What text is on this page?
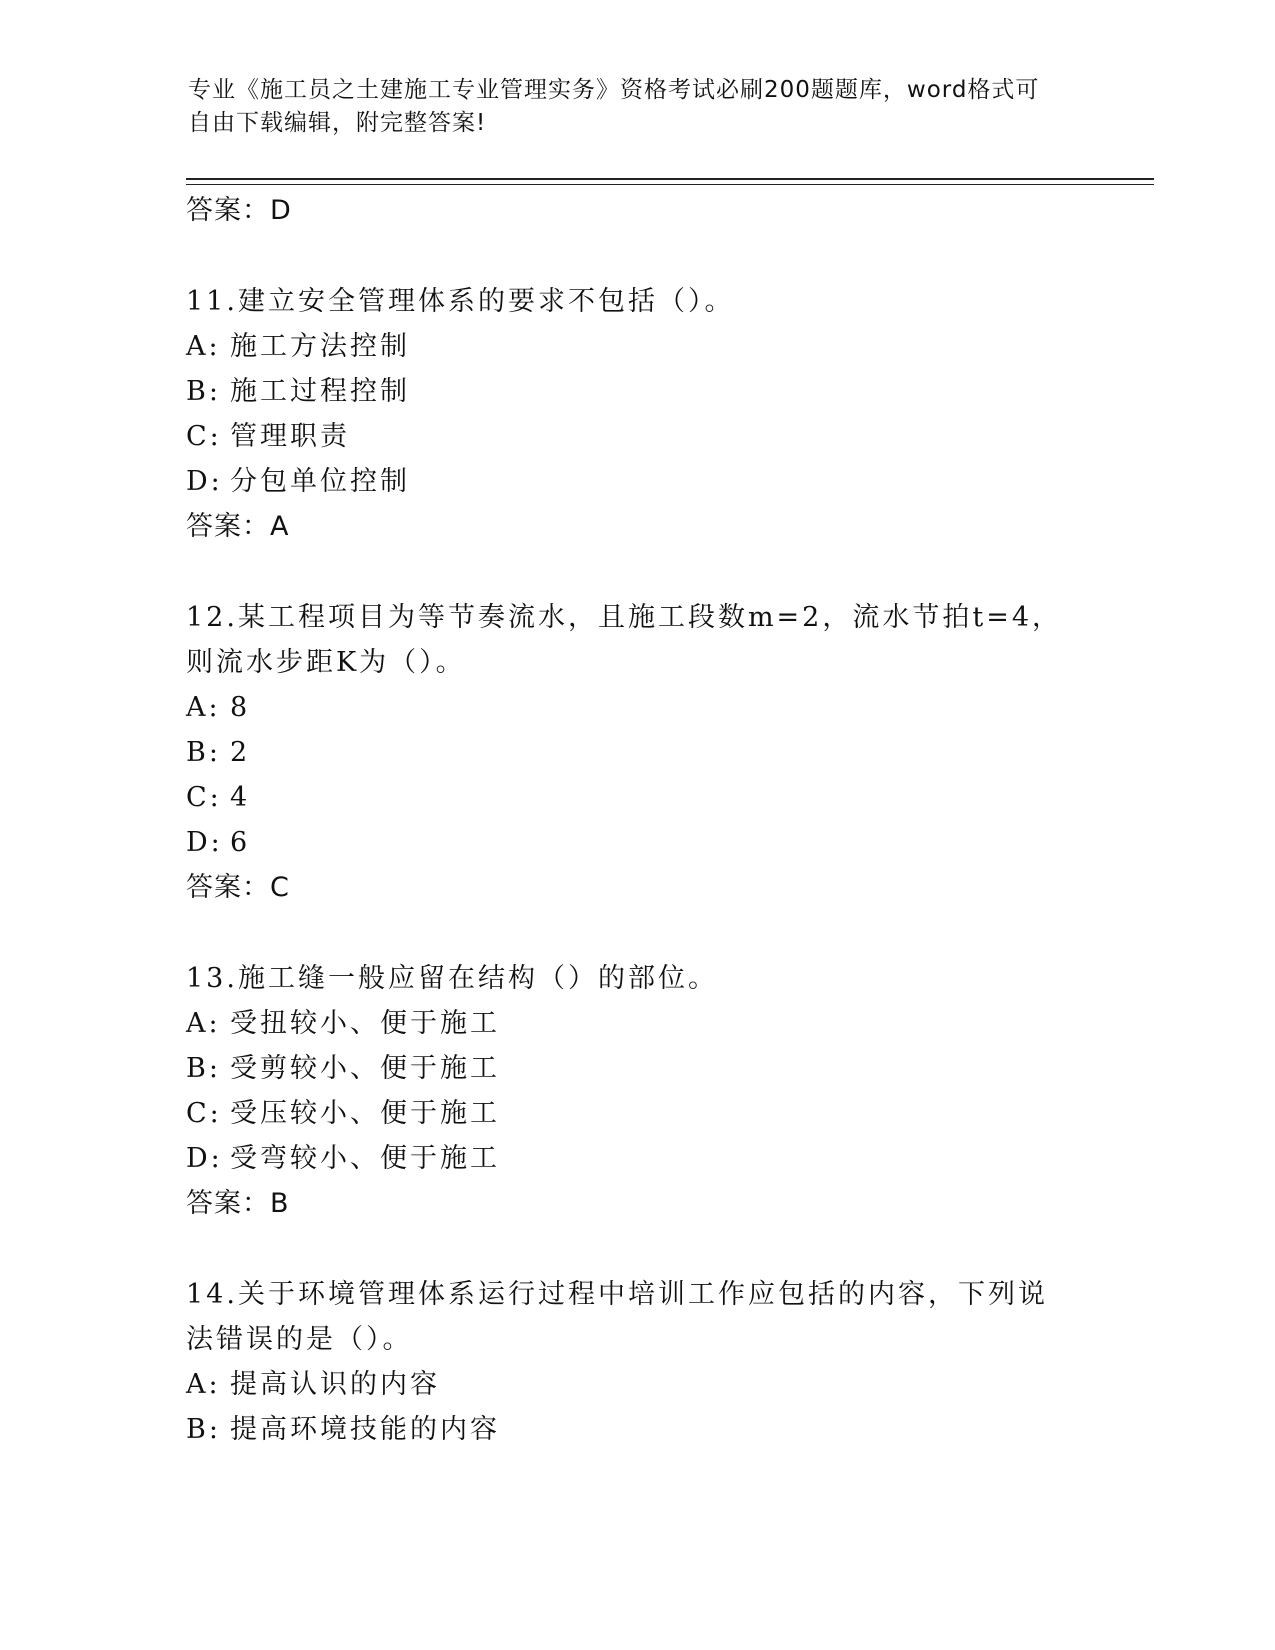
专业《施工员之土建施工专业管理实务》资格考试必刷200题题库，word格式可
自由下载编辑，附完整答案!
答案：D
11.建立安全管理体系的要求不包括（）。
A: 施工方法控制
B: 施工过程控制
C: 管理职责
D: 分包单位控制
答案：A
12.某工程项目为等节奏流水，且施工段数m=2，流水节拍t=4，则流水步距K为（）。
A: 8
B: 2
C: 4
D: 6
答案：C
13.施工缝一般应留在结构（）的部位。
A: 受扭较小、便于施工
B: 受剪较小、便于施工
C: 受压较小、便于施工
D: 受弯较小、便于施工
答案：B
14.关于环境管理体系运行过程中培训工作应包括的内容，下列说法错误的是（）。
A: 提高认识的内容
B: 提高环境技能的内容
